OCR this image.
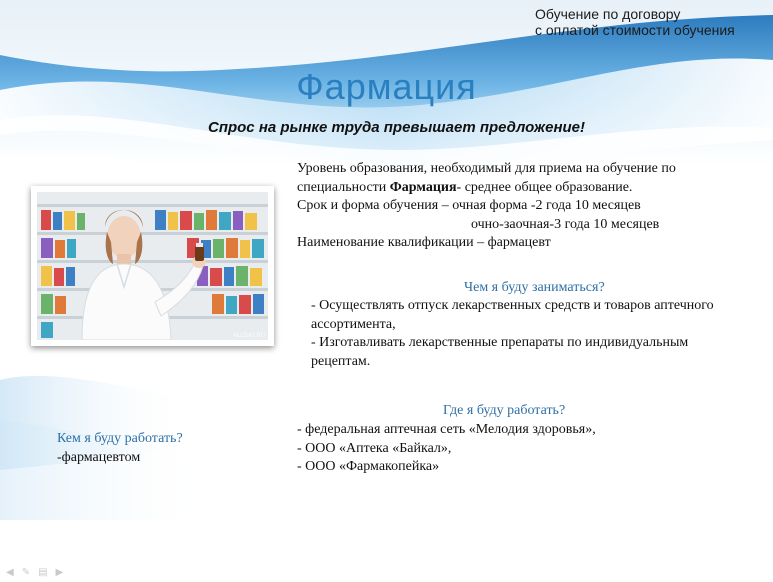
Обучение по договору
с оплатой стоимости обучения
Фармация
Спрос на рынке труда превышает предложение!
ALLDAY.RU
Уровень образования, необходимый для приема на обучение по
специальности Фармация- среднее общее образование.
Срок и форма обучения – очная форма -2 года 10 месяцев
очно-заочная-3 года 10 месяцев
Наименование квалификации – фармацевт
Чем я буду заниматься?
- Осуществлять отпуск лекарственных средств и товаров аптечного
ассортимента,
- Изготавливать лекарственные препараты по индивидуальным
рецептам.
Где я буду работать?
- федеральная аптечная сеть «Мелодия здоровья»,
- ООО «Аптека «Байкал»,
- ООО «Фармакопейка»
Кем я буду работать?
-фармацевтом
◀ ✎ ▤ ▶
